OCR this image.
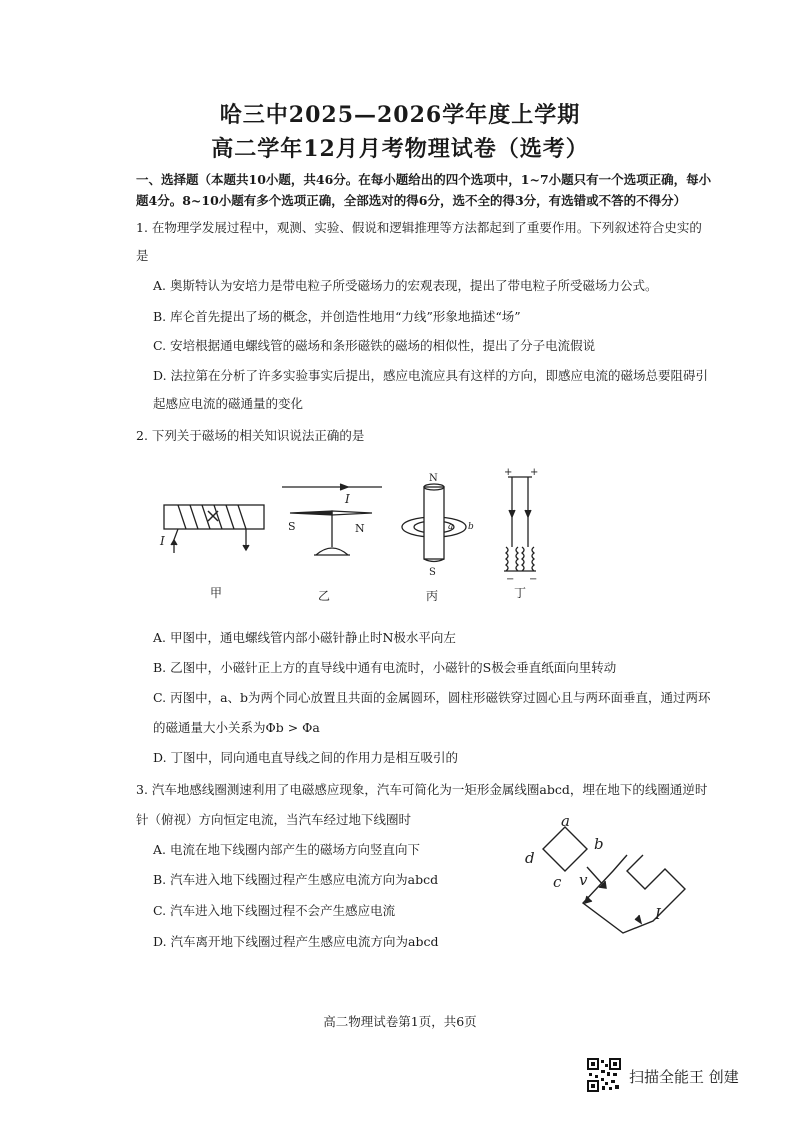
哈三中2025—2026学年度上学期
高二学年12月月考物理试卷（选考）
一、选择题（本题共10小题，共46分。在每小题给出的四个选项中，1~7小题只有一个选项正确，每小
题4分。8~10小题有多个选项正确，全部选对的得6分，选不全的得3分，有选错或不答的不得分）
1. 在物理学发展过程中，观测、实验、假说和逻辑推理等方法都起到了重要作用。下列叙述符合史实的
是
A. 奥斯特认为安培力是带电粒子所受磁场力的宏观表现，提出了带电粒子所受磁场力公式。
B. 库仑首先提出了场的概念，并创造性地用“力线”形象地描述“场”
C. 安培根据通电螺线管的磁场和条形磁铁的磁场的相似性，提出了分子电流假说
D. 法拉第在分析了许多实验事实后提出，感应电流应具有这样的方向，即感应电流的磁场总要阻碍引
起感应电流的磁通量的变化
2. 下列关于磁场的相关知识说法正确的是
I
I
S	N
N
S
a b
+ +
− −
甲	乙	丙	丁
A. 甲图中，通电螺线管内部小磁针静止时N极水平向左
B. 乙图中，小磁针正上方的直导线中通有电流时，小磁针的S极会垂直纸面向里转动
C. 丙图中，a、b为两个同心放置且共面的金属圆环，圆柱形磁铁穿过圆心且与两环面垂直，通过两环
的磁通量大小关系为Φb > Φa
D. 丁图中，同向通电直导线之间的作用力是相互吸引的
3. 汽车地感线圈测速利用了电磁感应现象，汽车可简化为一矩形金属线圈abcd，埋在地下的线圈通逆时
针（俯视）方向恒定电流，当汽车经过地下线圈时
A. 电流在地下线圈内部产生的磁场方向竖直向下
B. 汽车进入地下线圈过程产生感应电流方向为abcd
C. 汽车进入地下线圈过程不会产生感应电流
D. 汽车离开地下线圈过程产生感应电流方向为abcd
a
b
c
d
v
I
高二物理试卷第1页，共6页
扫描全能王 创建
